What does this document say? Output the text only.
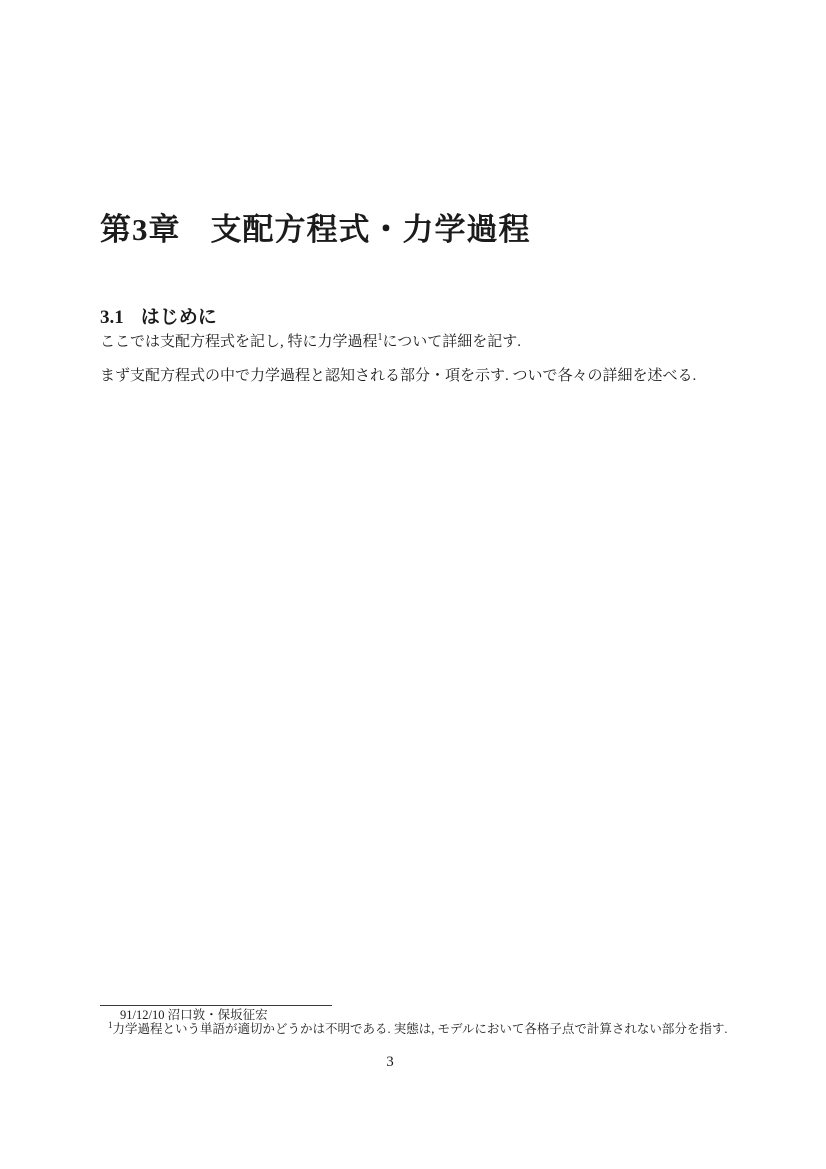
第3章 支配方程式・力学過程
3.1 はじめに

ここでは支配方程式を記し, 特に力学過程$^1$について詳細を記す.

まず支配方程式の中で力学過程と認知される部分・項を示す. ついで各々の詳細を述べる.

91/12/10 沼口敦・保坂征宏
$^1$力学過程という単語が適切かどうかは不明である. 実態は, モデルにおいて各格子点で計算されない部分を指す.
3
